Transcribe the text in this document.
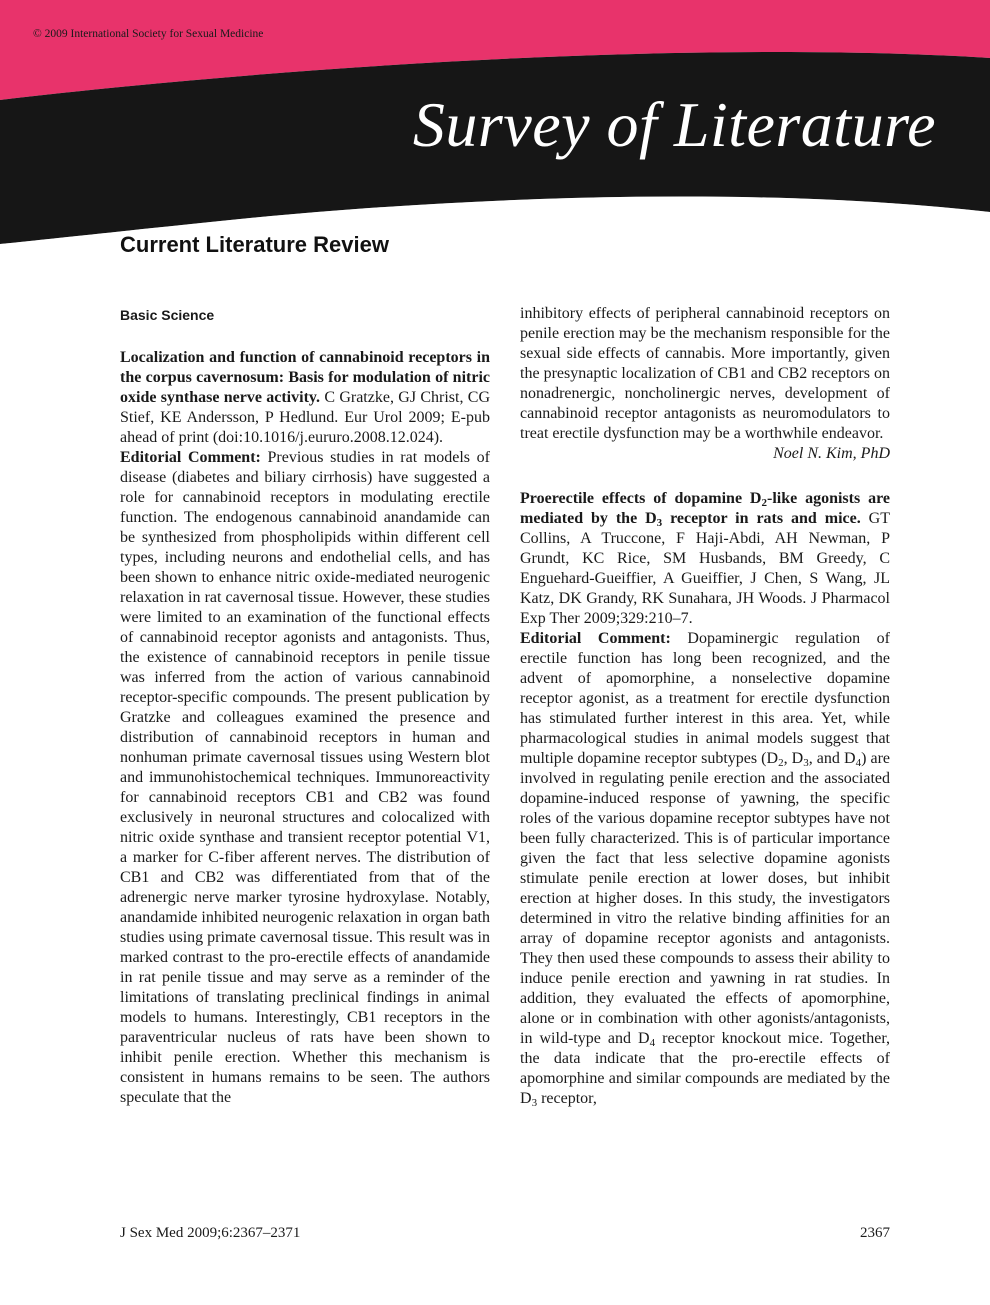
© 2009 International Society for Sexual Medicine
Survey of Literature
Current Literature Review
Basic Science

Localization and function of cannabinoid receptors in the corpus cavernosum: Basis for modulation of nitric oxide synthase nerve activity. C Gratzke, GJ Christ, CG Stief, KE Andersson, P Hedlund. Eur Urol 2009; E-pub ahead of print (doi:10.1016/j.eururo.2008.12.024).

Editorial Comment: Previous studies in rat models of disease (diabetes and biliary cirrhosis) have suggested a role for cannabinoid receptors in modulating erectile function. The endogenous cannabinoid anandamide can be synthesized from phospholipids within different cell types, including neurons and endothelial cells, and has been shown to enhance nitric oxide-mediated neurogenic relaxation in rat cavernosal tissue. However, these studies were limited to an examination of the functional effects of cannabinoid receptor agonists and antagonists. Thus, the existence of cannabinoid receptors in penile tissue was inferred from the action of various cannabinoid receptor-specific compounds. The present publication by Gratzke and colleagues examined the presence and distribution of cannabinoid receptors in human and nonhuman primate cavernosal tissues using Western blot and immunohistochemical techniques. Immunoreactivity for cannabinoid receptors CB1 and CB2 was found exclusively in neuronal structures and colocalized with nitric oxide synthase and transient receptor potential V1, a marker for C-fiber afferent nerves. The distribution of CB1 and CB2 was differentiated from that of the adrenergic nerve marker tyrosine hydroxylase. Notably, anandamide inhibited neurogenic relaxation in organ bath studies using primate cavernosal tissue. This result was in marked contrast to the pro-erectile effects of anandamide in rat penile tissue and may serve as a reminder of the limitations of translating preclinical findings in animal models to humans. Interestingly, CB1 receptors in the paraventricular nucleus of rats have been shown to inhibit penile erection. Whether this mechanism is consistent in humans remains to be seen. The authors speculate that the

inhibitory effects of peripheral cannabinoid receptors on penile erection may be the mechanism responsible for the sexual side effects of cannabis. More importantly, given the presynaptic localization of CB1 and CB2 receptors on nonadrenergic, noncholinergic nerves, development of cannabinoid receptor antagonists as neuromodulators to treat erectile dysfunction may be a worthwhile endeavor.

Noel N. Kim, PhD

Proerectile effects of dopamine $D_2$-like agonists are mediated by the $D_3$ receptor in rats and mice. GT Collins, A Truccone, F Haji-Abdi, AH Newman, P Grundt, KC Rice, SM Husbands, BM Greedy, C Enguehard-Gueiffier, A Gueiffier, J Chen, S Wang, JL Katz, DK Grandy, RK Sunahara, JH Woods. J Pharmacol Exp Ther 2009;329:210–7.

Editorial Comment: Dopaminergic regulation of erectile function has long been recognized, and the advent of apomorphine, a nonselective dopamine receptor agonist, as a treatment for erectile dysfunction has stimulated further interest in this area. Yet, while pharmacological studies in animal models suggest that multiple dopamine receptor subtypes ($D_2$, $D_3$, and $D_4$) are involved in regulating penile erection and the associated dopamine-induced response of yawning, the specific roles of the various dopamine receptor subtypes have not been fully characterized. This is of particular importance given the fact that less selective dopamine agonists stimulate penile erection at lower doses, but inhibit erection at higher doses. In this study, the investigators determined in vitro the relative binding affinities for an array of dopamine receptor agonists and antagonists. They then used these compounds to assess their ability to induce penile erection and yawning in rat studies. In addition, they evaluated the effects of apomorphine, alone or in combination with other agonists/antagonists, in wild-type and $D_4$ receptor knockout mice. Together, the data indicate that the pro-erectile effects of apomorphine and similar compounds are mediated by the $D_3$ receptor,

J Sex Med 2009;6:2367–2371	2367
